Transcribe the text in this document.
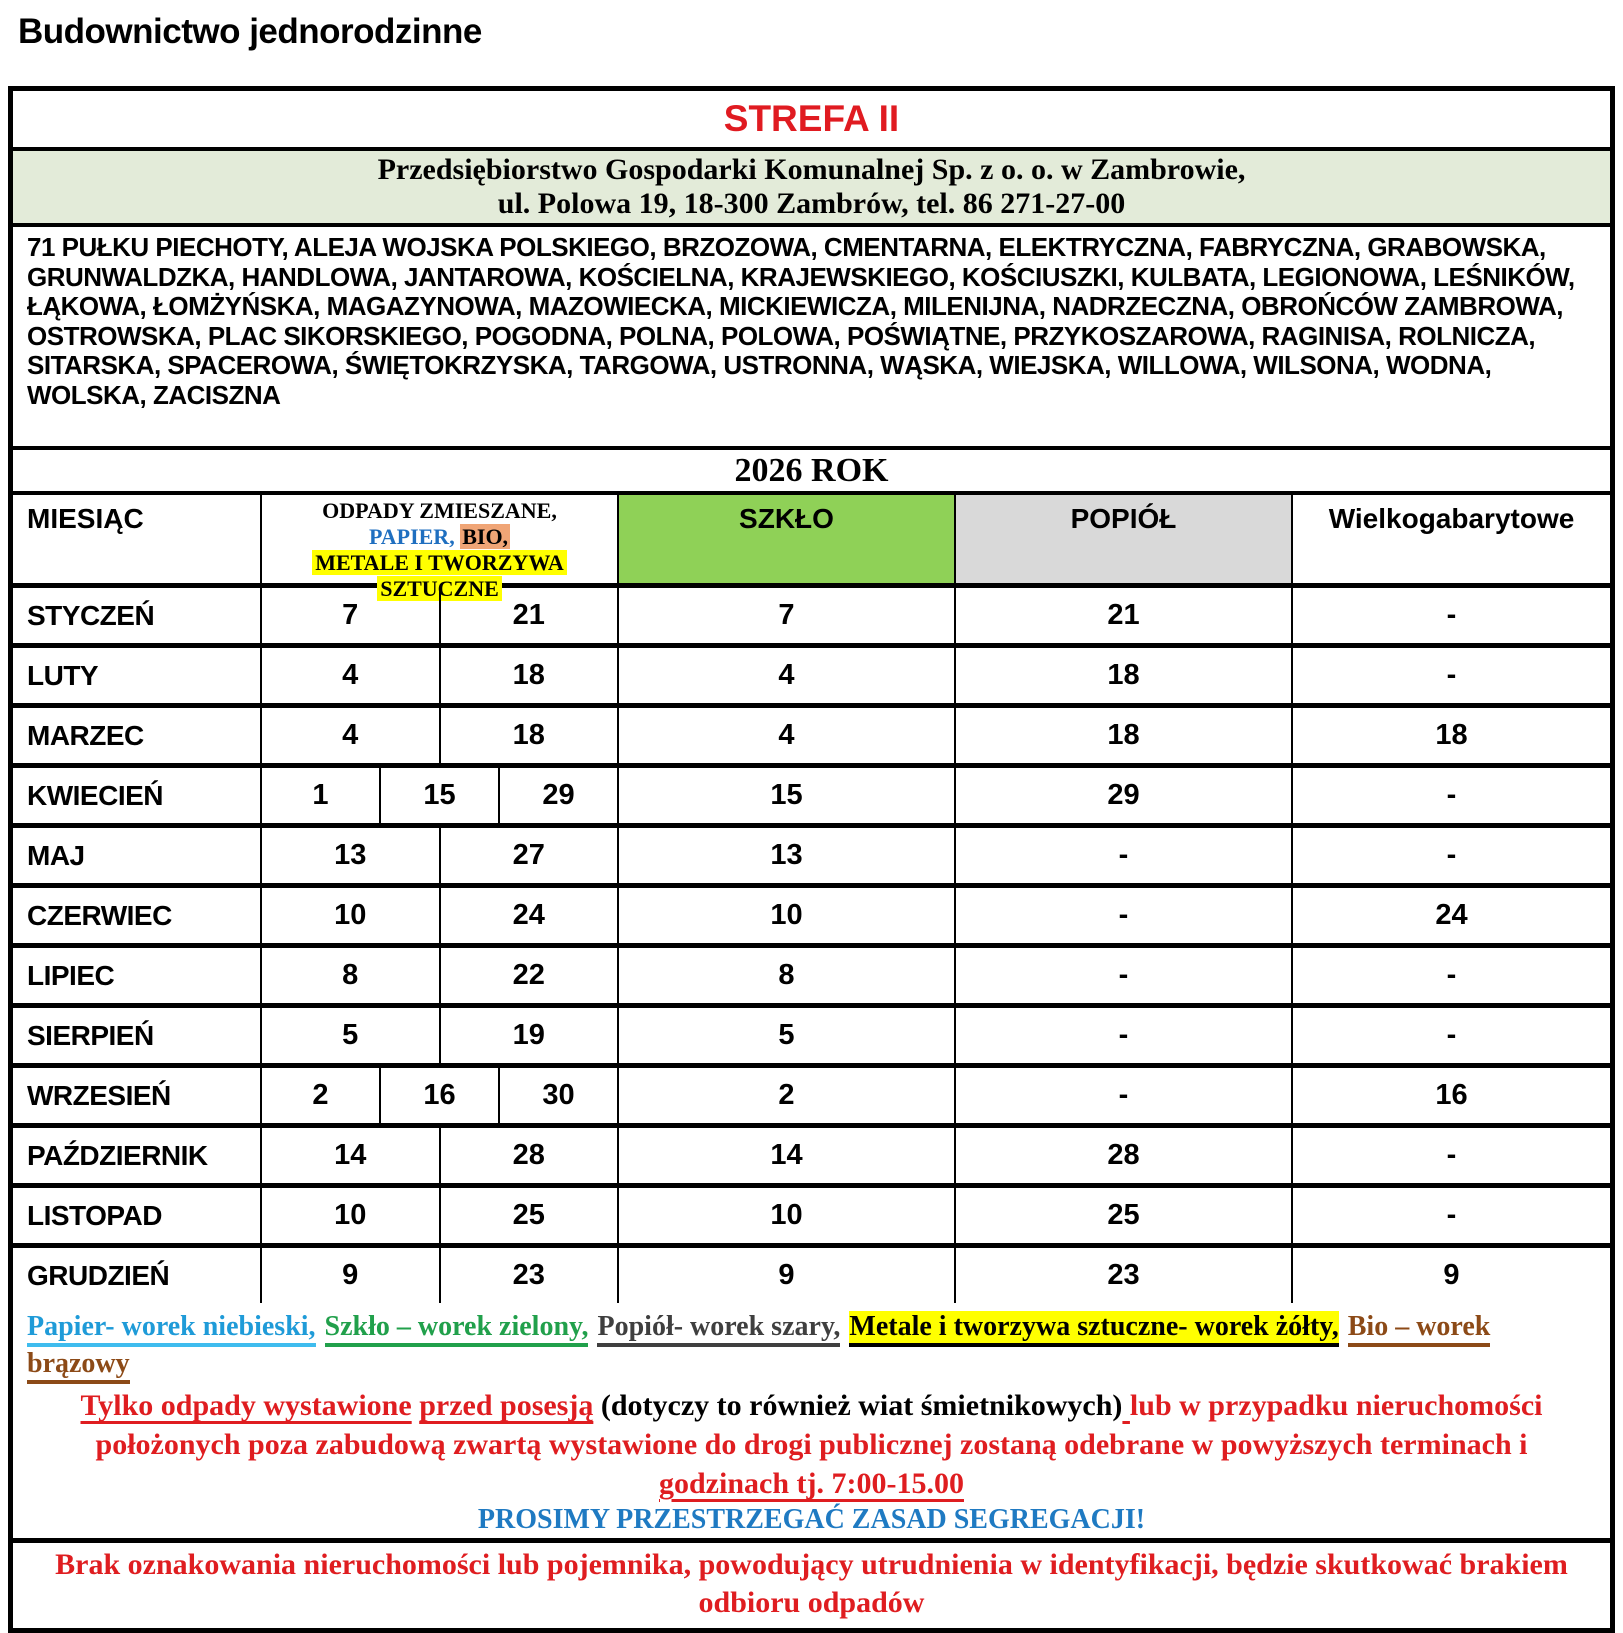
Budownictwo jednorodzinne
STREFA II
Przedsiębiorstwo Gospodarki Komunalnej Sp. z o. o. w Zambrowie,
ul. Polowa 19, 18-300 Zambrów, tel. 86 271-27-00
71 PUŁKU PIECHOTY, ALEJA WOJSKA POLSKIEGO, BRZOZOWA, CMENTARNA, ELEKTRYCZNA, FABRYCZNA, GRABOWSKA, GRUNWALDZKA, HANDLOWA, JANTAROWA, KOŚCIELNA, KRAJEWSKIEGO, KOŚCIUSZKI, KULBATA, LEGIONOWA, LEŚNIKÓW, ŁĄKOWA, ŁOMŻYŃSKA, MAGAZYNOWA, MAZOWIECKA, MICKIEWICZA, MILENIJNA, NADRZECZNA, OBROŃCÓW ZAMBROWA, OSTROWSKA, PLAC SIKORSKIEGO, POGODNA, POLNA, POLOWA, POŚWIĄTNE, PRZYKOSZAROWA, RAGINISA, ROLNICZA, SITARSKA, SPACEROWA, ŚWIĘTOKRZYSKA, TARGOWA, USTRONNA, WĄSKA, WIEJSKA, WILLOWA, WILSONA, WODNA, WOLSKA, ZACISZNA
2026 ROK
MIESIĄC	ODPADY ZMIESZANE,
PAPIER, BIO,
METALE I TWORZYWA
SZTUCZNE
SZKŁO	POPIÓŁ	Wielkogabarytowe
STYCZEŃ	7	21	7	21	-
LUTY	4	18	4	18	-
MARZEC	4	18	4	18	18
KWIECIEŃ	1	15	29	15	29	-
MAJ	13	27	13	-	-
CZERWIEC	10	24	10	-	24
LIPIEC	8	22	8	-	-
SIERPIEŃ	5	19	5	-	-
WRZESIEŃ	2	16	30	2	-	16
PAŹDZIERNIK	14	28	14	28	-
LISTOPAD	10	25	10	25	-
GRUDZIEŃ	9	23	9	23	9
Papier- worek niebieski, Szkło – worek zielony, Popiół- worek szary, Metale i tworzywa sztuczne- worek żółty, Bio – worek brązowy
Tylko odpady wystawione przed posesją (dotyczy to również wiat śmietnikowych) lub w przypadku nieruchomości położonych poza zabudową zwartą wystawione do drogi publicznej zostaną odebrane w powyższych terminach i godzinach tj. 7:00-15.00
PROSIMY PRZESTRZEGAĆ ZASAD SEGREGACJI!
Brak oznakowania nieruchomości lub pojemnika, powodujący utrudnienia w identyfikacji, będzie skutkować brakiem odbioru odpadów
